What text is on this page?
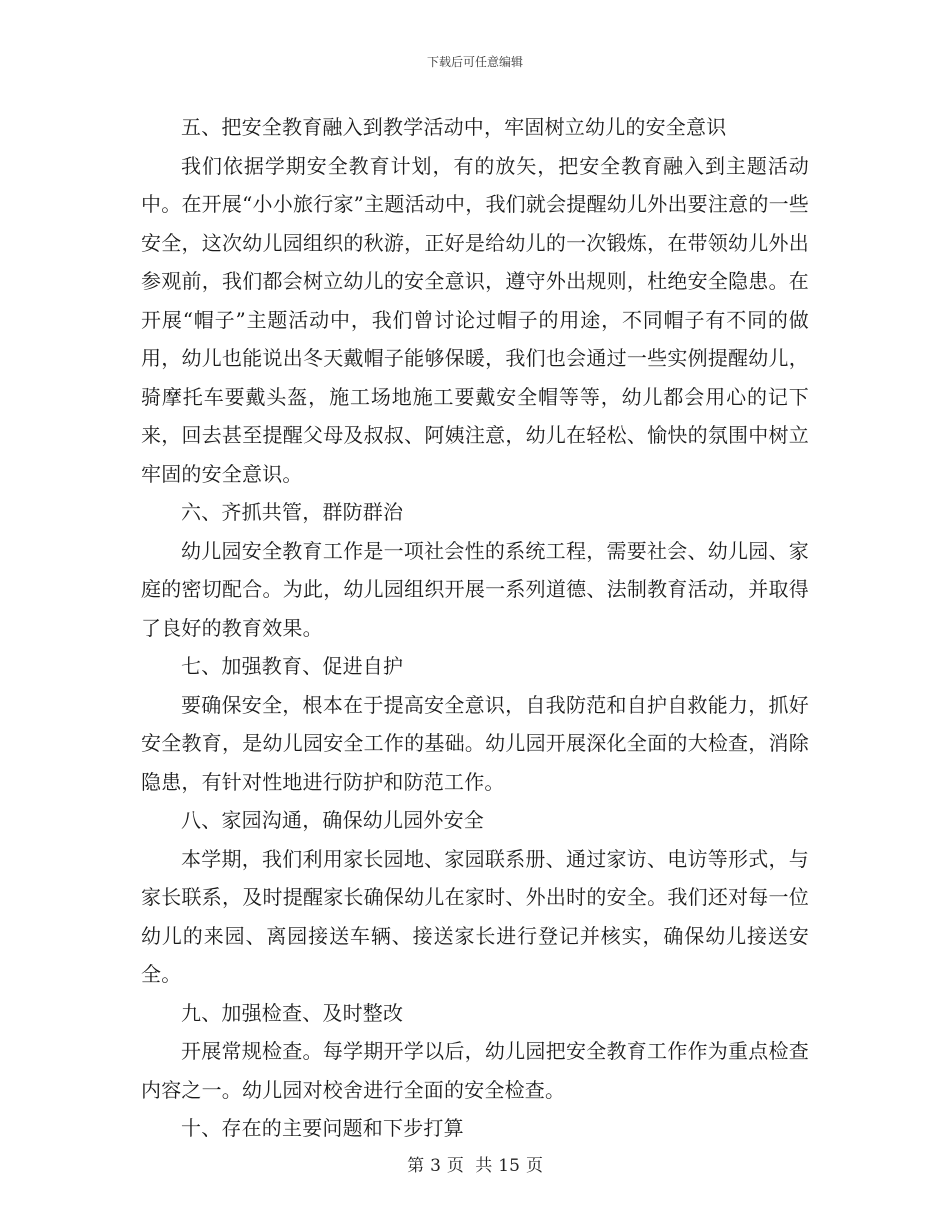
下载后可任意编辑

五、把安全教育融入到教学活动中，牢固树立幼儿的安全意识

我们依据学期安全教育计划，有的放矢，把安全教育融入到主题活动中。在开展“小小旅行家”主题活动中，我们就会提醒幼儿外出要注意的一些安全，这次幼儿园组织的秋游，正好是给幼儿的一次锻炼，在带领幼儿外出参观前，我们都会树立幼儿的安全意识，遵守外出规则，杜绝安全隐患。在开展“帽子”主题活动中，我们曾讨论过帽子的用途，不同帽子有不同的做用，幼儿也能说出冬天戴帽子能够保暖，我们也会通过一些实例提醒幼儿，骑摩托车要戴头盔，施工场地施工要戴安全帽等等，幼儿都会用心的记下来，回去甚至提醒父母及叔叔、阿姨注意，幼儿在轻松、愉快的氛围中树立牢固的安全意识。

六、齐抓共管，群防群治

幼儿园安全教育工作是一项社会性的系统工程，需要社会、幼儿园、家庭的密切配合。为此，幼儿园组织开展一系列道德、法制教育活动，并取得了良好的教育效果。

七、加强教育、促进自护

要确保安全，根本在于提高安全意识，自我防范和自护自救能力，抓好安全教育，是幼儿园安全工作的基础。幼儿园开展深化全面的大检查，消除隐患，有针对性地进行防护和防范工作。

八、家园沟通，确保幼儿园外安全

本学期，我们利用家长园地、家园联系册、通过家访、电访等形式，与家长联系，及时提醒家长确保幼儿在家时、外出时的安全。我们还对每一位幼儿的来园、离园接送车辆、接送家长进行登记并核实，确保幼儿接送安全。

九、加强检查、及时整改

开展常规检查。每学期开学以后，幼儿园把安全教育工作作为重点检查内容之一。幼儿园对校舍进行全面的安全检查。

十、存在的主要问题和下步打算

第 3 页 共 15 页
